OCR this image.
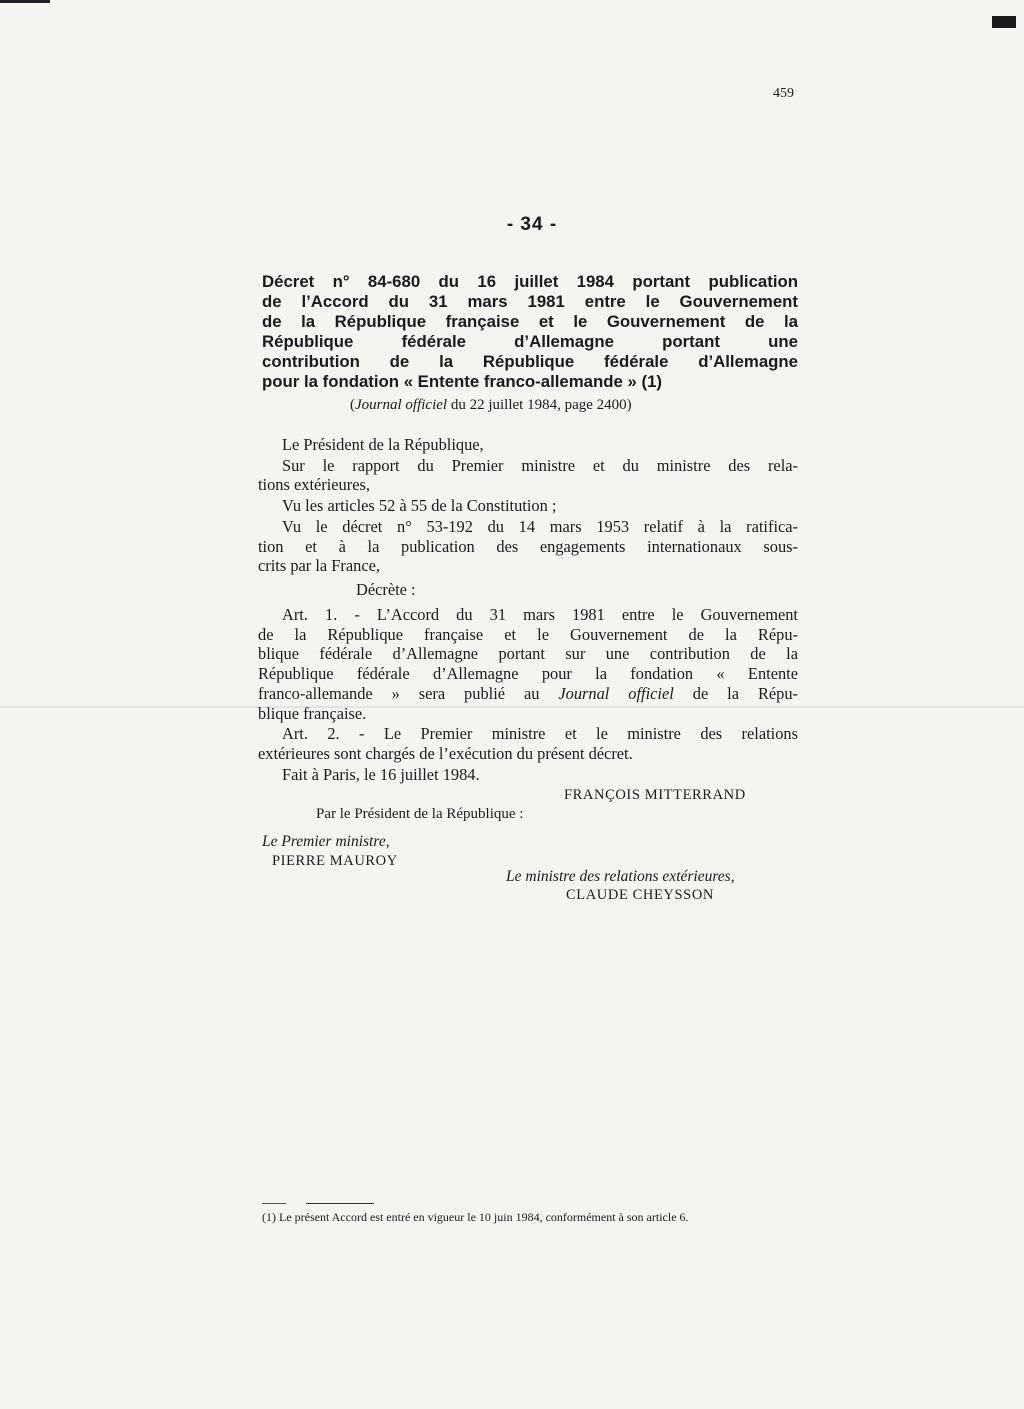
459
- 34 -
Décret n° 84-680 du 16 juillet 1984 portant publication
de l’Accord du 31 mars 1981 entre le Gouvernement
de la République française et le Gouvernement de la
République fédérale d’Allemagne portant une
contribution de la République fédérale d’Allemagne
pour la fondation « Entente franco-allemande » (1)
(Journal officiel du 22 juillet 1984, page 2400)
Le Président de la République,
Sur le rapport du Premier ministre et du ministre des rela-
tions extérieures,
Vu les articles 52 à 55 de la Constitution ;
Vu le décret n° 53-192 du 14 mars 1953 relatif à la ratifica-
tion et à la publication des engagements internationaux sous-
crits par la France,
Décrète :
Art. 1. - L’Accord du 31 mars 1981 entre le Gouvernement
de la République française et le Gouvernement de la Répu-
blique fédérale d’Allemagne portant sur une contribution de la
République fédérale d’Allemagne pour la fondation « Entente
franco-allemande » sera publié au Journal officiel de la Répu-
blique française.
Art. 2. - Le Premier ministre et le ministre des relations
extérieures sont chargés de l’exécution du présent décret.
Fait à Paris, le 16 juillet 1984.
FRANÇOIS MITTERRAND
Par le Président de la République :
Le Premier ministre,
PIERRE MAUROY
Le ministre des relations extérieures,
CLAUDE CHEYSSON
(1) Le présent Accord est entré en vigueur le 10 juin 1984, conformément à son article 6.
